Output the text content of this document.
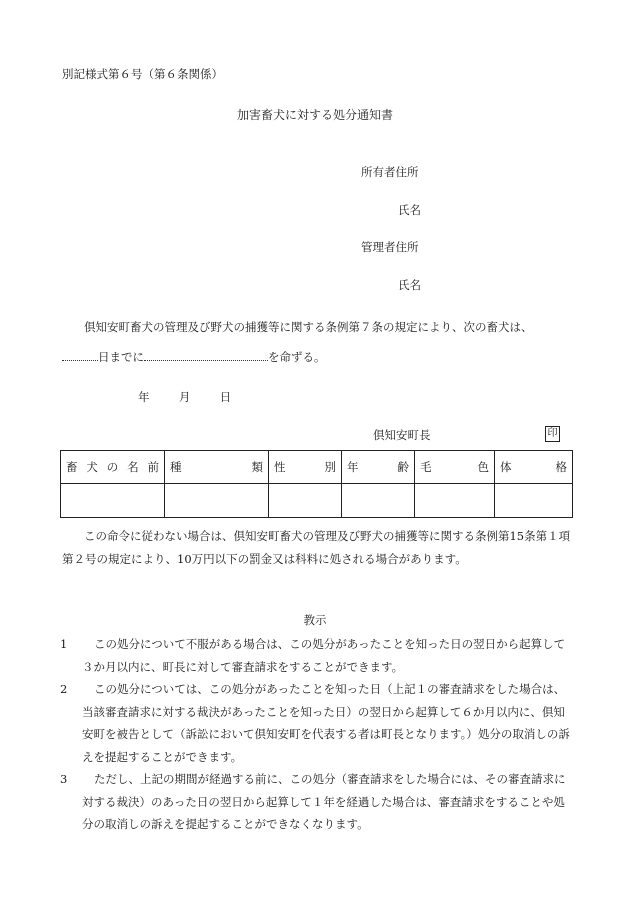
別記様式第６号（第６条関係）
加害畜犬に対する処分通知書
所有者住所
氏名
管理者住所
氏名
倶知安町畜犬の管理及び野犬の捕獲等に関する条例第７条の規定により、次の畜犬は、
日までに	を命ずる。
年	月	日
倶知安町長	印
畜 犬 の 名 前	種 類	性 別	年 齢	毛 色	体 格

この命令に従わない場合は、倶知安町畜犬の管理及び野犬の捕獲等に関する条例第15条第１項第２号の規定により、10万円以下の罰金又は科料に処される場合があります。
教示
1	この処分について不服がある場合は、この処分があったことを知った日の翌日から起算して３か月以内に、町長に対して審査請求をすることができます。
2	この処分については、この処分があったことを知った日（上記１の審査請求をした場合は、当該審査請求に対する裁決があったことを知った日）の翌日から起算して６か月以内に、倶知安町を被告として（訴訟において倶知安町を代表する者は町長となります。）処分の取消しの訴えを提起することができます。
3	ただし、上記の期間が経過する前に、この処分（審査請求をした場合には、その審査請求に対する裁決）のあった日の翌日から起算して１年を経過した場合は、審査請求をすることや処分の取消しの訴えを提起することができなくなります。
